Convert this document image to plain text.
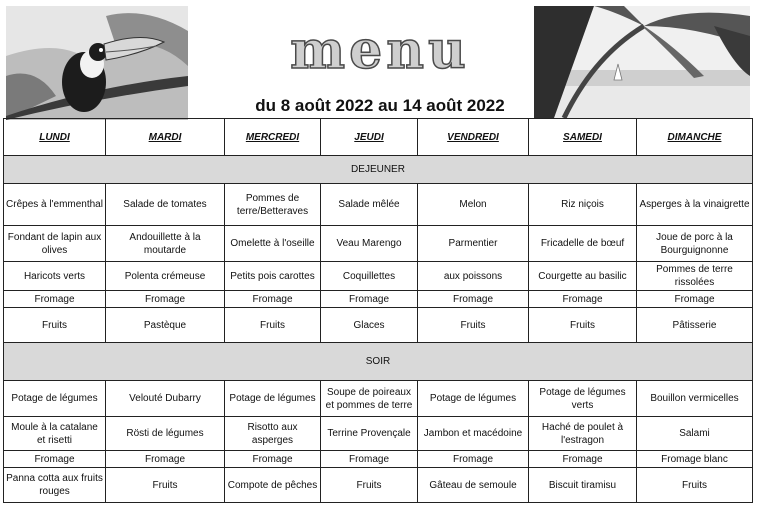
menu
du 8 août 2022 au 14 août 2022
LUNDI	MARDI	MERCREDI	JEUDI	VENDREDI	SAMEDI	DIMANCHE
DEJEUNER						
Crêpes à l'emmenthal	Salade de tomates	Pommes de terre/Betteraves	Salade mêlée	Melon	Riz niçois	Asperges à la vinaigrette
Fondant de lapin aux olives	Andouillette à la moutarde	Omelette à l'oseille	Veau Marengo	Parmentier	Fricadelle de bœuf	Joue de porc à la Bourguignonne
Haricots verts	Polenta crémeuse	Petits pois carottes	Coquillettes	aux poissons	Courgette au basilic	Pommes de terre rissolées
Fromage	Fromage	Fromage	Fromage	Fromage	Fromage	Fromage
Fruits	Pastèque	Fruits	Glaces	Fruits	Fruits	Pâtisserie
SOIR						
Potage de légumes	Velouté Dubarry	Potage de légumes	Soupe de poireaux et pommes de terre	Potage de légumes	Potage de légumes verts	Bouillon vermicelles
Moule à la catalane et risetti	Rösti de légumes	Risotto aux asperges	Terrine Provençale	Jambon et macédoine	Haché de poulet à l'estragon	Salami
Fromage	Fromage	Fromage	Fromage	Fromage	Fromage	Fromage blanc
Panna cotta aux fruits rouges	Fruits	Compote de pêches	Fruits	Gâteau de semoule	Biscuit tiramisu	Fruits
